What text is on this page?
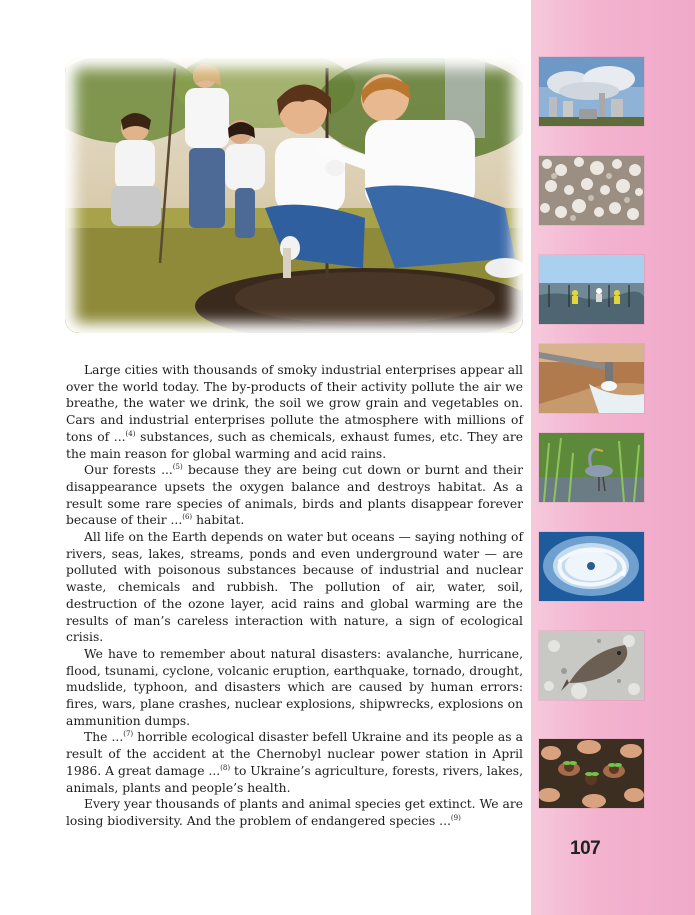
107

Large cities with thousands of smoky industrial enterprises appear all over the world today. The by-products of their activity pollute the air we breathe, the water we drink, the soil we grow grain and vegetables on. Cars and industrial enterprises pollute the atmosphere with millions of tons of ...$^{(4)}$ substances, such as chemicals, exhaust fumes, etc. They are the main reason for global warming and acid rains.

Our forests ...$^{(5)}$ because they are being cut down or burnt and their disappearance upsets the oxygen balance and destroys habitat. As a result some rare species of animals, birds and plants disappear forever because of their ...$^{(6)}$ habitat.

All life on the Earth depends on water but oceans — saying nothing of rivers, seas, lakes, streams, ponds and even underground water — are polluted with poisonous substances because of industrial and nuclear waste, chemicals and rubbish. The pollution of air, water, soil, destruction of the ozone layer, acid rains and global warming are the results of man’s careless interaction with nature, a sign of ecological crisis.

We have to remember about natural disasters: avalanche, hurricane, flood, tsunami, cyclone, volcanic eruption, earthquake, tornado, drought, mudslide, typhoon, and disasters which are caused by human errors: fires, wars, plane crashes, nuclear explosions, shipwrecks, explosions on ammunition dumps.

The ...$^{(7)}$ horrible ecological disaster befell Ukraine and its people as a result of the accident at the Chernobyl nuclear power station in April 1986. A great damage ...$^{(8)}$ to Ukraine’s agriculture, forests, rivers, lakes, animals, plants and people’s health.

Every year thousands of plants and animal species get extinct. We are losing biodiversity. And the problem of endangered species ...$^{(9)}$
